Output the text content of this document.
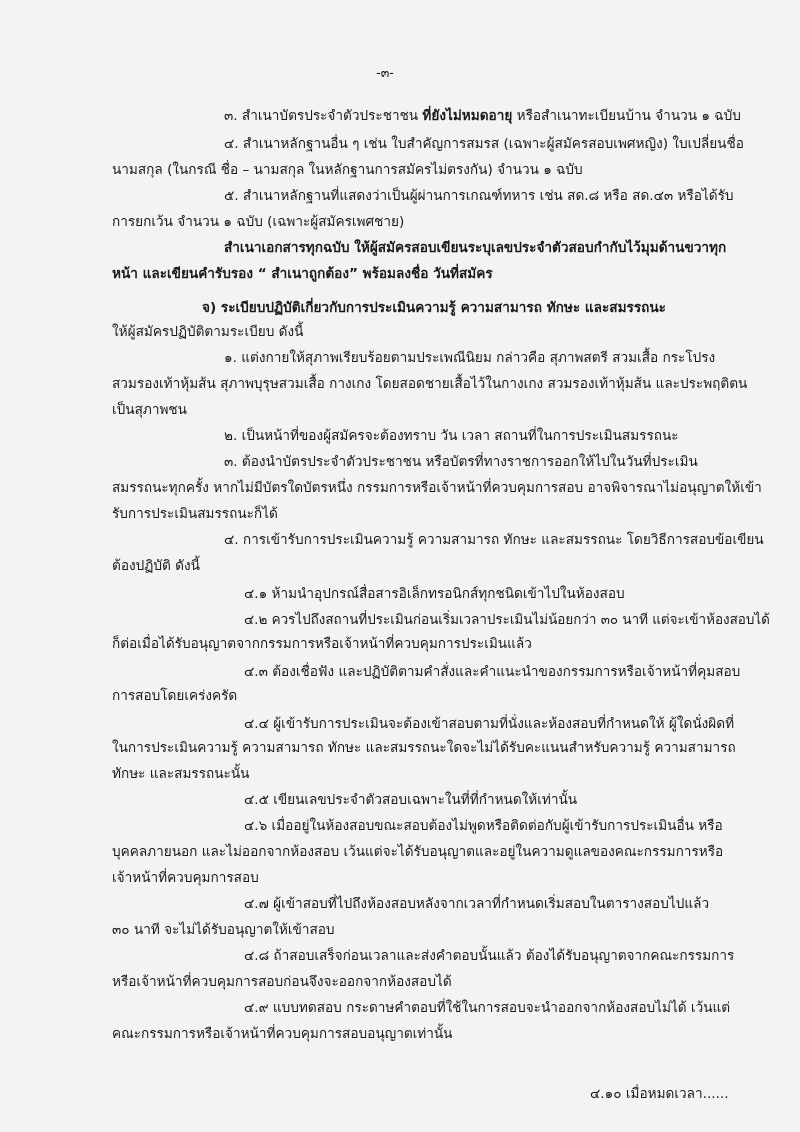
-๓-
๓. สำเนาบัตรประจำตัวประชาชน ที่ยังไม่หมดอายุ หรือสำเนาทะเบียนบ้าน จำนวน ๑ ฉบับ
๔. สำเนาหลักฐานอื่น ๆ เช่น ใบสำคัญการสมรส (เฉพาะผู้สมัครสอบเพศหญิง) ใบเปลี่ยนชื่อ
นามสกุล (ในกรณี ชื่อ – นามสกุล ในหลักฐานการสมัครไม่ตรงกัน) จำนวน ๑ ฉบับ
๕. สำเนาหลักฐานที่แสดงว่าเป็นผู้ผ่านการเกณฑ์ทหาร เช่น สด.๘ หรือ สด.๔๓ หรือได้รับ
การยกเว้น จำนวน ๑ ฉบับ (เฉพาะผู้สมัครเพศชาย)
สำเนาเอกสารทุกฉบับ ให้ผู้สมัครสอบเขียนระบุเลขประจำตัวสอบกำกับไว้มุมด้านขวาทุก
หน้า และเขียนคำรับรอง “ สำเนาถูกต้อง” พร้อมลงชื่อ วันที่สมัคร
จ) ระเบียบปฏิบัติเกี่ยวกับการประเมินความรู้ ความสามารถ ทักษะ และสมรรถนะ
ให้ผู้สมัครปฏิบัติตามระเบียบ ดังนี้
๑. แต่งกายให้สุภาพเรียบร้อยตามประเพณีนิยม กล่าวคือ สุภาพสตรี สวมเสื้อ กระโปรง
สวมรองเท้าหุ้มส้น สุภาพบุรุษสวมเสื้อ กางเกง โดยสอดชายเสื้อไว้ในกางเกง สวมรองเท้าหุ้มส้น และประพฤติตน
เป็นสุภาพชน
๒. เป็นหน้าที่ของผู้สมัครจะต้องทราบ วัน เวลา สถานที่ในการประเมินสมรรถนะ
๓. ต้องนำบัตรประจำตัวประชาชน หรือบัตรที่ทางราชการออกให้ไปในวันที่ประเมิน
สมรรถนะทุกครั้ง หากไม่มีบัตรใดบัตรหนึ่ง กรรมการหรือเจ้าหน้าที่ควบคุมการสอบ อาจพิจารณาไม่อนุญาตให้เข้า
รับการประเมินสมรรถนะก็ได้
๔. การเข้ารับการประเมินความรู้ ความสามารถ ทักษะ และสมรรถนะ โดยวิธีการสอบข้อเขียน
ต้องปฏิบัติ ดังนี้
๔.๑ ห้ามนำอุปกรณ์สื่อสารอิเล็กทรอนิกส์ทุกชนิดเข้าไปในห้องสอบ
๔.๒ ควรไปถึงสถานที่ประเมินก่อนเริ่มเวลาประเมินไม่น้อยกว่า ๓๐ นาที แต่จะเข้าห้องสอบได้
ก็ต่อเมื่อได้รับอนุญาตจากกรรมการหรือเจ้าหน้าที่ควบคุมการประเมินแล้ว
๔.๓ ต้องเชื่อฟัง และปฏิบัติตามคำสั่งและคำแนะนำของกรรมการหรือเจ้าหน้าที่คุมสอบ
การสอบโดยเคร่งครัด
๔.๔ ผู้เข้ารับการประเมินจะต้องเข้าสอบตามที่นั่งและห้องสอบที่กำหนดให้ ผู้ใดนั่งผิดที่
ในการประเมินความรู้ ความสามารถ ทักษะ และสมรรถนะใดจะไม่ได้รับคะแนนสำหรับความรู้ ความสามารถ
ทักษะ และสมรรถนะนั้น
๔.๕ เขียนเลขประจำตัวสอบเฉพาะในที่ที่กำหนดให้เท่านั้น
๔.๖ เมื่ออยู่ในห้องสอบขณะสอบต้องไม่พูดหรือติดต่อกับผู้เข้ารับการประเมินอื่น หรือ
บุคคลภายนอก และไม่ออกจากห้องสอบ เว้นแต่จะได้รับอนุญาตและอยู่ในความดูแลของคณะกรรมการหรือ
เจ้าหน้าที่ควบคุมการสอบ
๔.๗ ผู้เข้าสอบที่ไปถึงห้องสอบหลังจากเวลาที่กำหนดเริ่มสอบในตารางสอบไปแล้ว
๓๐ นาที จะไม่ได้รับอนุญาตให้เข้าสอบ
๔.๘ ถ้าสอบเสร็จก่อนเวลาและส่งคำตอบนั้นแล้ว ต้องได้รับอนุญาตจากคณะกรรมการ
หรือเจ้าหน้าที่ควบคุมการสอบก่อนจึงจะออกจากห้องสอบได้
๔.๙ แบบทดสอบ กระดาษคำตอบที่ใช้ในการสอบจะนำออกจากห้องสอบไม่ได้ เว้นแต่
คณะกรรมการหรือเจ้าหน้าที่ควบคุมการสอบอนุญาตเท่านั้น
๔.๑๐ เมื่อหมดเวลา......
